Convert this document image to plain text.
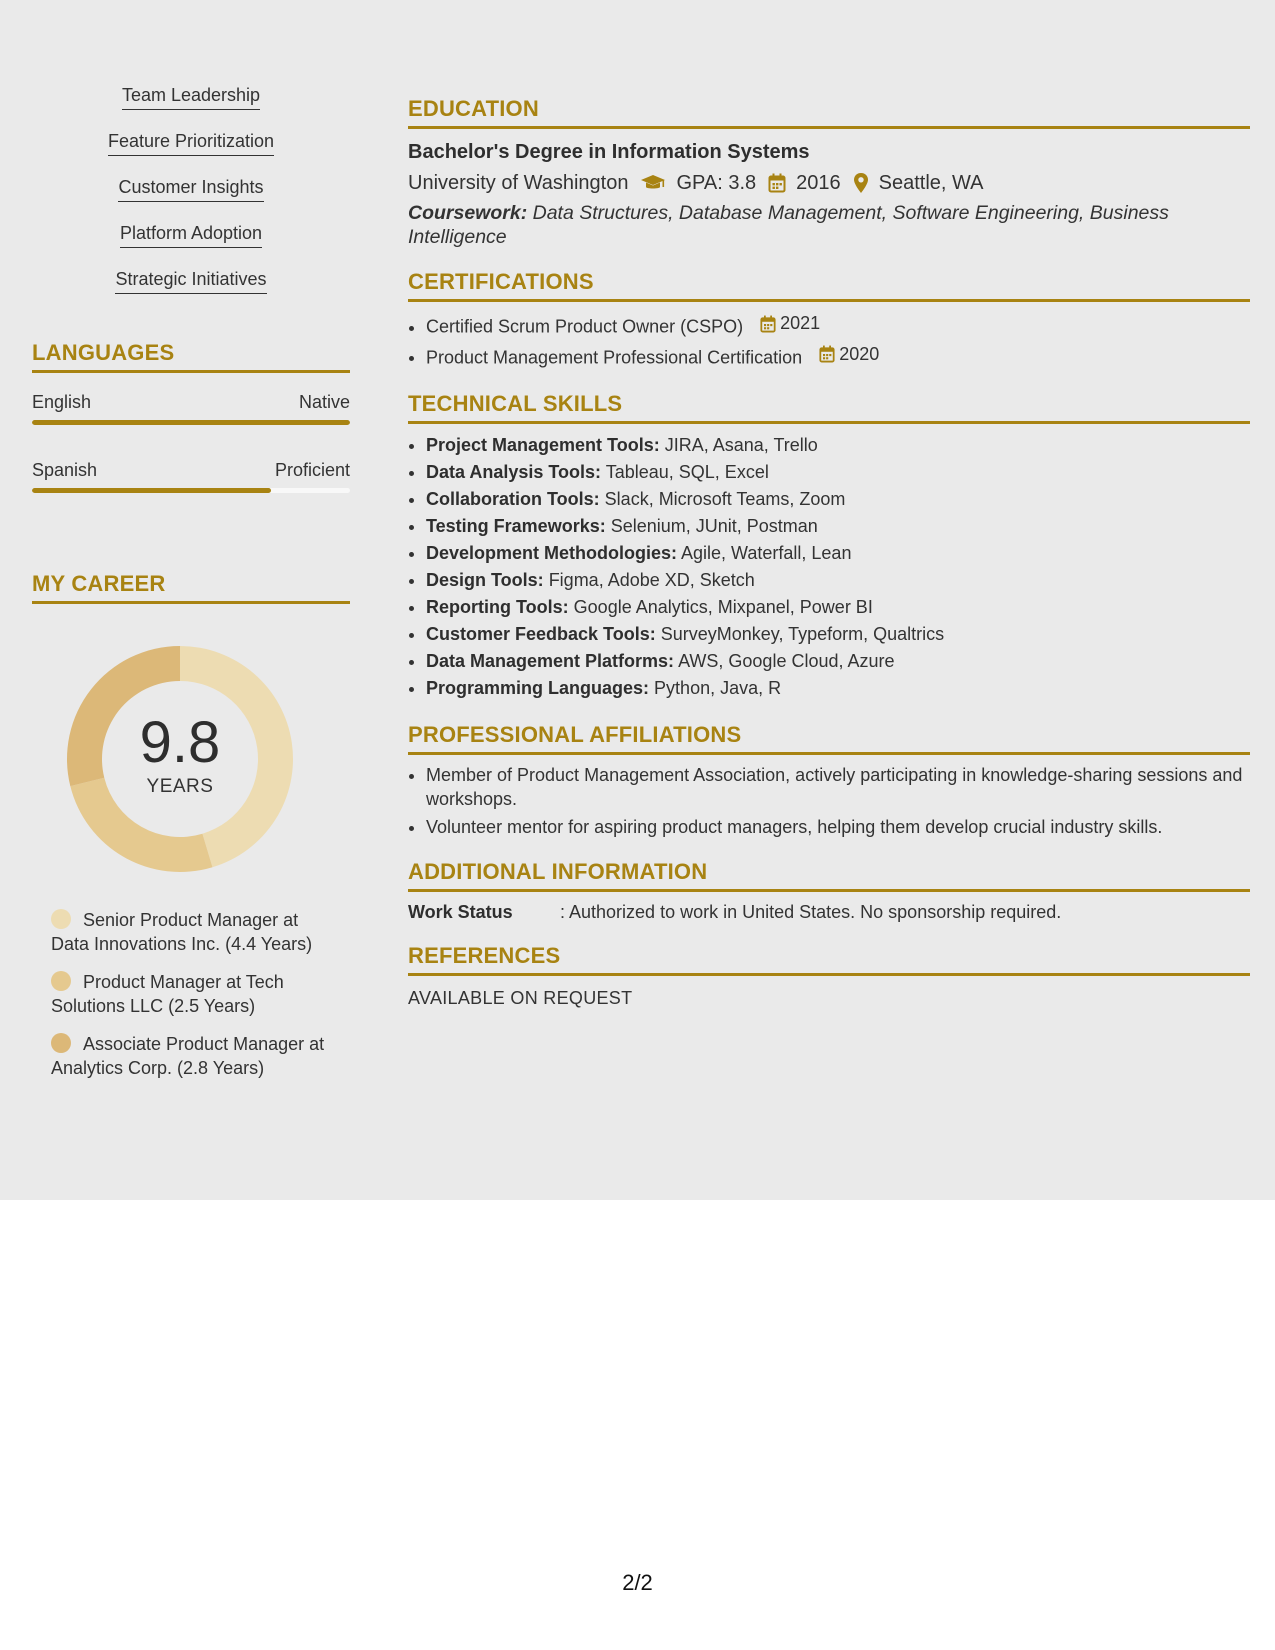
Team Leadership
Feature Prioritization
Customer Insights
Platform Adoption
Strategic Initiatives
LANGUAGES
English	Native
Spanish	Proficient
MY CAREER
9.8
YEARS
Senior Product Manager at Data Innovations Inc. (4.4 Years)
Product Manager at Tech Solutions LLC (2.5 Years)
Associate Product Manager at Analytics Corp. (2.8 Years)
EDUCATION
Bachelor's Degree in Information Systems
University of Washington GPA: 3.8 2016 Seattle, WA
Coursework: Data Structures, Database Management, Software Engineering, Business Intelligence
CERTIFICATIONS
• Certified Scrum Product Owner (CSPO) 2021
• Product Management Professional Certification 2020
TECHNICAL SKILLS
• Project Management Tools: JIRA, Asana, Trello
• Data Analysis Tools: Tableau, SQL, Excel
• Collaboration Tools: Slack, Microsoft Teams, Zoom
• Testing Frameworks: Selenium, JUnit, Postman
• Development Methodologies: Agile, Waterfall, Lean
• Design Tools: Figma, Adobe XD, Sketch
• Reporting Tools: Google Analytics, Mixpanel, Power BI
• Customer Feedback Tools: SurveyMonkey, Typeform, Qualtrics
• Data Management Platforms: AWS, Google Cloud, Azure
• Programming Languages: Python, Java, R
PROFESSIONAL AFFILIATIONS
• Member of Product Management Association, actively participating in knowledge-sharing sessions and workshops.
• Volunteer mentor for aspiring product managers, helping them develop crucial industry skills.
ADDITIONAL INFORMATION
Work Status	: Authorized to work in United States. No sponsorship required.
REFERENCES
AVAILABLE ON REQUEST
2/2
